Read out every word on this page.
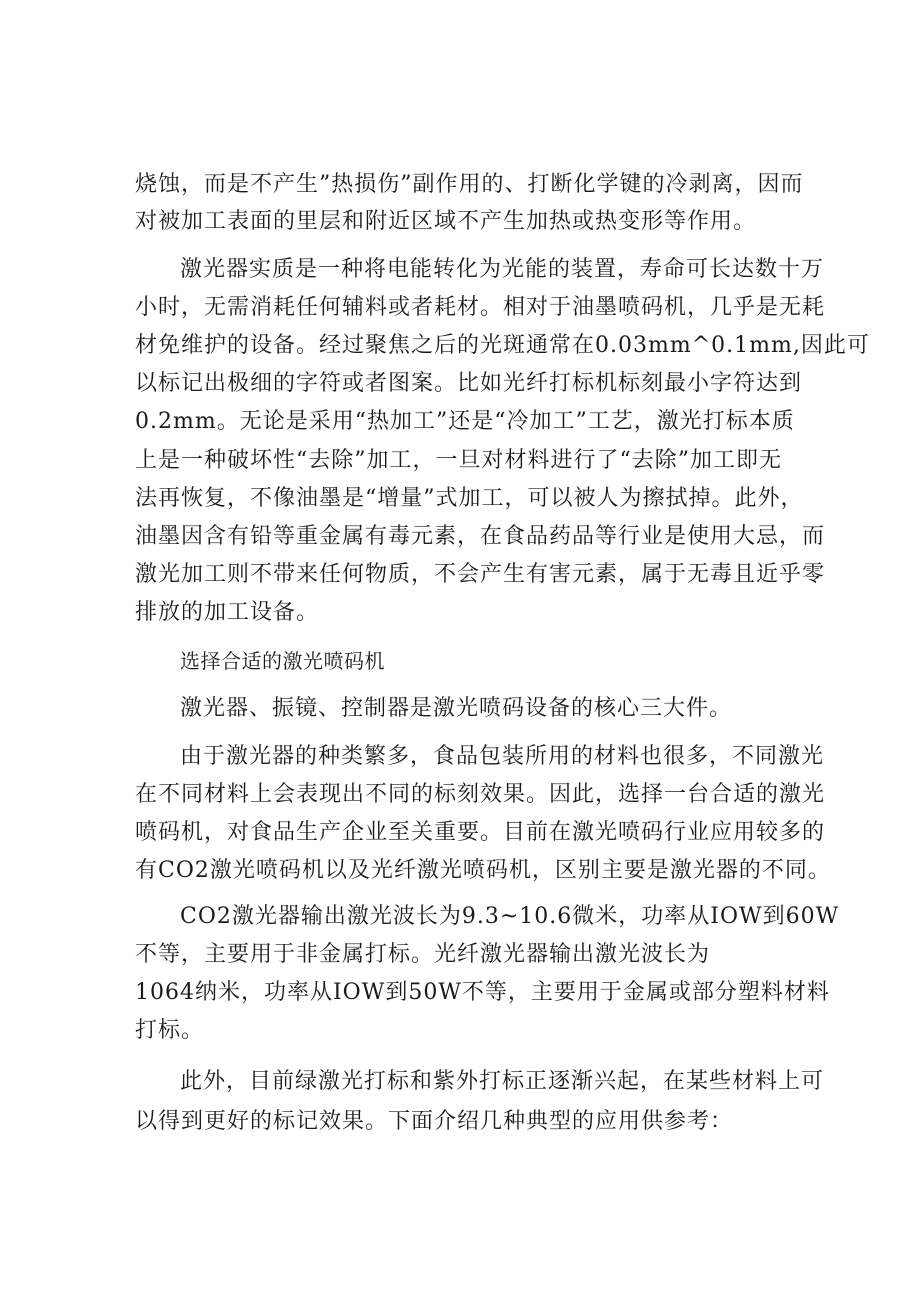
烧蚀，而是不产生”热损伤”副作用的、打断化学键的冷剥离，因而

对被加工表面的里层和附近区域不产生加热或热变形等作用。

激光器实质是一种将电能转化为光能的装置，寿命可长达数十万

小时，无需消耗任何辅料或者耗材。相对于油墨喷码机，几乎是无耗

材免维护的设备。经过聚焦之后的光斑通常在0.03mm^0.1mm,因此可

以标记出极细的字符或者图案。比如光纤打标机标刻最小字符达到

0.2mm。无论是采用“热加工”还是“冷加工”工艺，激光打标本质

上是一种破坏性“去除”加工，一旦对材料进行了“去除”加工即无

法再恢复，不像油墨是“增量”式加工，可以被人为擦拭掉。此外，

油墨因含有铅等重金属有毒元素，在食品药品等行业是使用大忌，而

激光加工则不带来任何物质，不会产生有害元素，属于无毒且近乎零

排放的加工设备。

选择合适的激光喷码机

激光器、振镜、控制器是激光喷码设备的核心三大件。

由于激光器的种类繁多，食品包装所用的材料也很多，不同激光

在不同材料上会表现出不同的标刻效果。因此，选择一台合适的激光

喷码机，对食品生产企业至关重要。目前在激光喷码行业应用较多的

有CO2激光喷码机以及光纤激光喷码机，区别主要是激光器的不同。

CO2激光器输出激光波长为9.3~10.6微米，功率从IOW到60W

不等，主要用于非金属打标。光纤激光器输出激光波长为

1064纳米，功率从IOW到50W不等，主要用于金属或部分塑料材料

打标。

此外，目前绿激光打标和紫外打标正逐渐兴起，在某些材料上可

以得到更好的标记效果。下面介绍几种典型的应用供参考：
